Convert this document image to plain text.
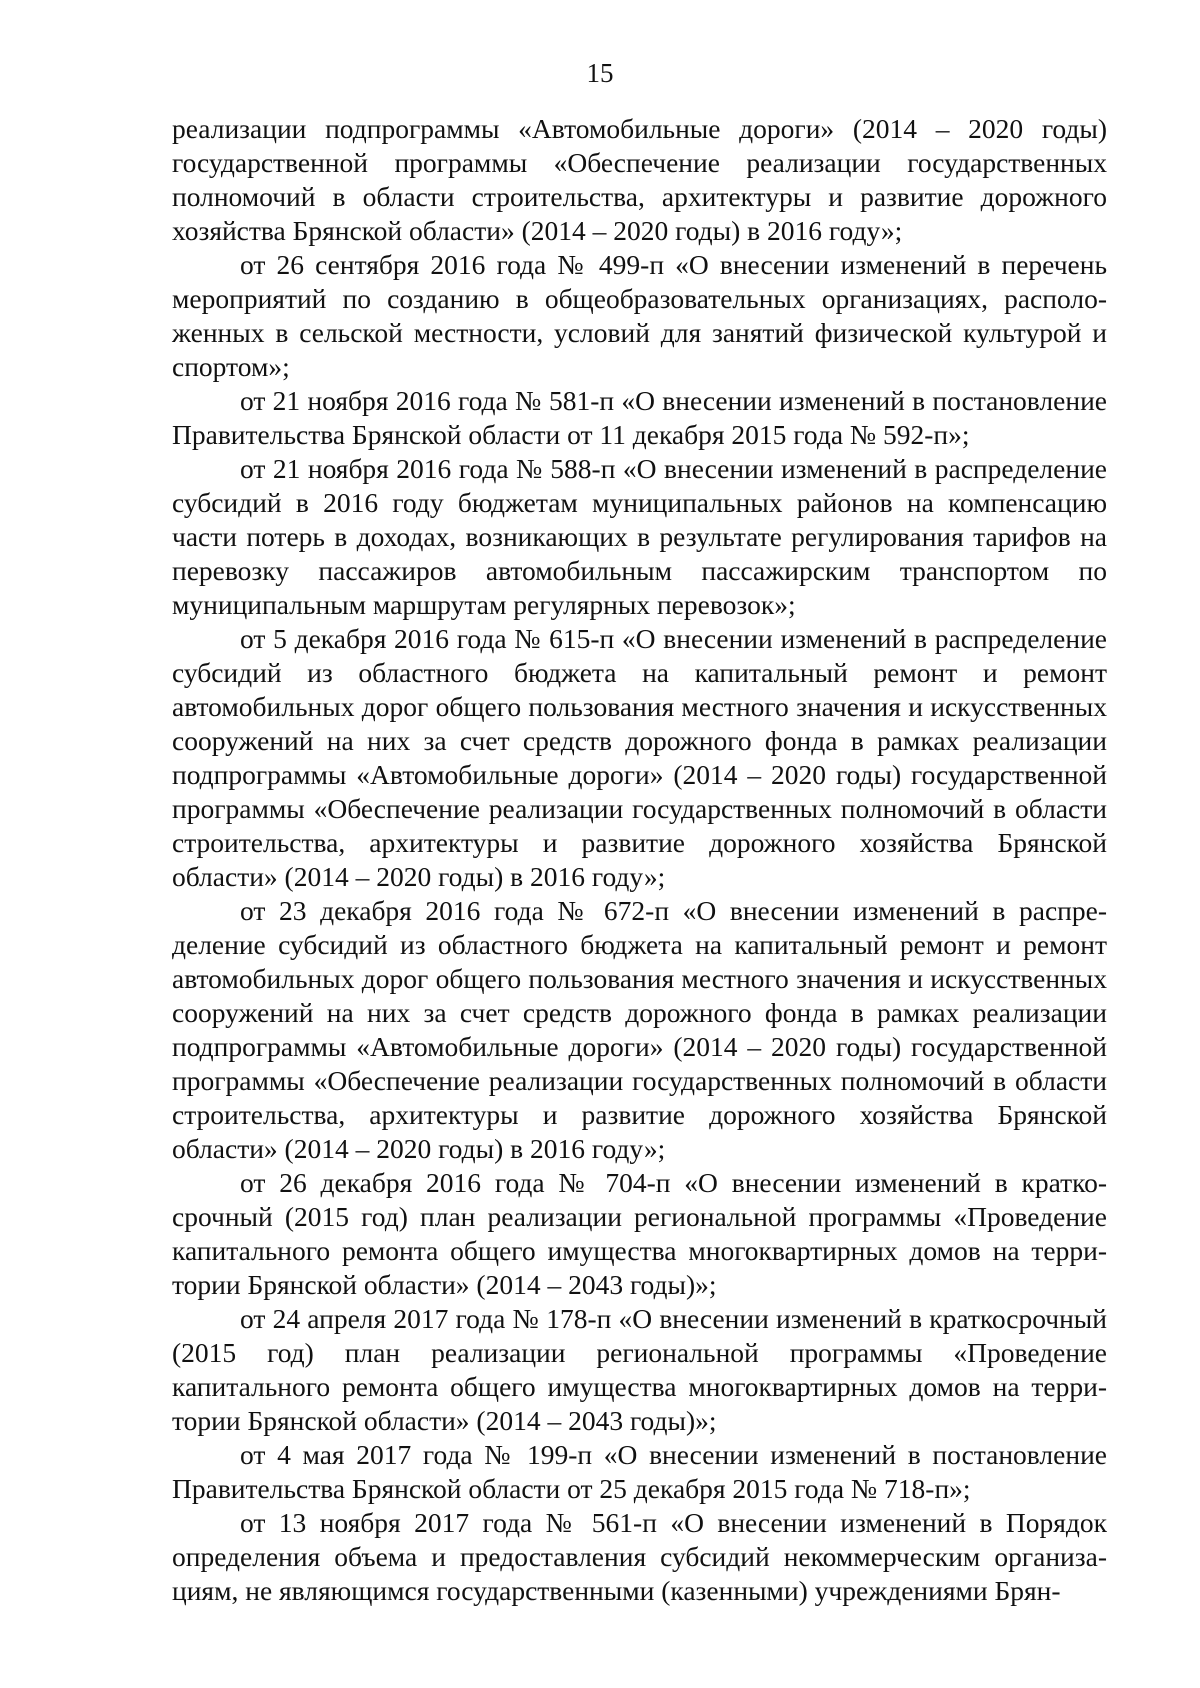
15

реализации подпрограммы «Автомобильные дороги» (2014 – 2020 годы) государственной программы «Обеспечение реализации государственных полномочий в области строительства, архитектуры и развитие дорожного хозяйства Брянской области» (2014 – 2020 годы) в 2016 году»;

от 26 сентября 2016 года № 499-п «О внесении изменений в перечень мероприятий по созданию в общеобразовательных организациях, расположенных в сельской местности, условий для занятий физической культурой и спортом»;

от 21 ноября 2016 года № 581-п «О внесении изменений в постановление Правительства Брянской области от 11 декабря 2015 года № 592-п»;

от 21 ноября 2016 года № 588-п «О внесении изменений в распределение субсидий в 2016 году бюджетам муниципальных районов на компенсацию части потерь в доходах, возникающих в результате регулирования тарифов на перевозку пассажиров автомобильным пассажирским транспортом по муниципальным маршрутам регулярных перевозок»;

от 5 декабря 2016 года № 615-п «О внесении изменений в распределение субсидий из областного бюджета на капитальный ремонт и ремонт автомобильных дорог общего пользования местного значения и искусственных сооружений на них за счет средств дорожного фонда в рамках реализации подпрограммы «Автомобильные дороги» (2014 – 2020 годы) государственной программы «Обеспечение реализации государственных полномочий в области строительства, архитектуры и развитие дорожного хозяйства Брянской области» (2014 – 2020 годы) в 2016 году»;

от 23 декабря 2016 года № 672-п «О внесении изменений в распределение субсидий из областного бюджета на капитальный ремонт и ремонт автомобильных дорог общего пользования местного значения и искусственных сооружений на них за счет средств дорожного фонда в рамках реализации подпрограммы «Автомобильные дороги» (2014 – 2020 годы) государственной программы «Обеспечение реализации государственных полномочий в области строительства, архитектуры и развитие дорожного хозяйства Брянской области» (2014 – 2020 годы) в 2016 году»;

от 26 декабря 2016 года № 704-п «О внесении изменений в краткосрочный (2015 год) план реализации региональной программы «Проведение капитального ремонта общего имущества многоквартирных домов на территории Брянской области» (2014 – 2043 годы)»;

от 24 апреля 2017 года № 178-п «О внесении изменений в краткосрочный (2015 год) план реализации региональной программы «Проведение капитального ремонта общего имущества многоквартирных домов на территории Брянской области» (2014 – 2043 годы)»;

от 4 мая 2017 года № 199-п «О внесении изменений в постановление Правительства Брянской области от 25 декабря 2015 года № 718-п»;

от 13 ноября 2017 года № 561-п «О внесении изменений в Порядок определения объема и предоставления субсидий некоммерческим организациям, не являющимся государственными (казенными) учреждениями Брян-
